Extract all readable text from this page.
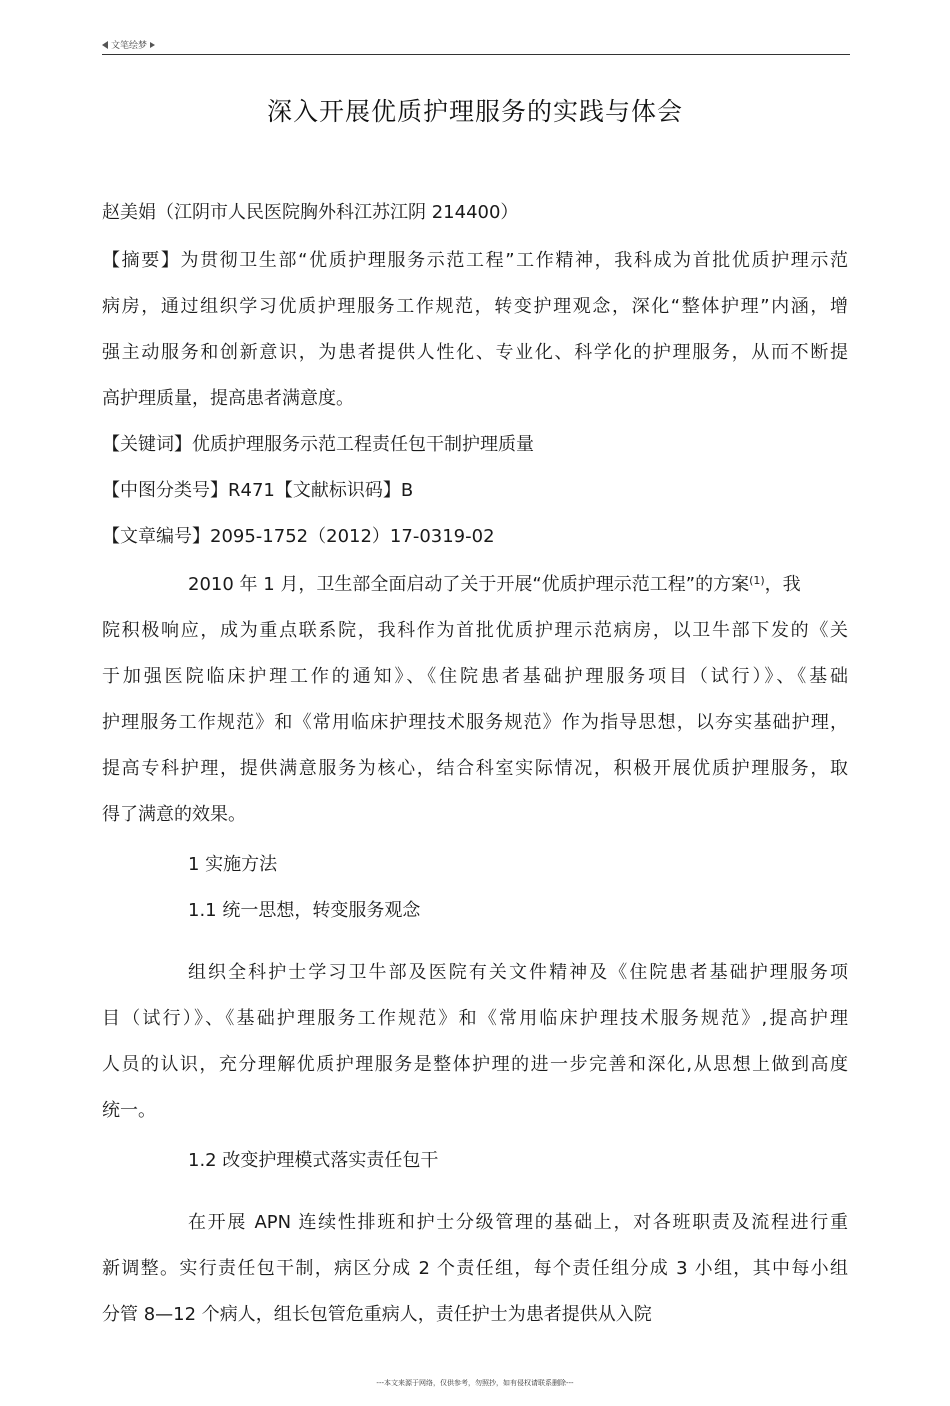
文笔绘梦
深入开展优质护理服务的实践与体会
赵美娟（江阴市人民医院胸外科江苏江阴 214400）
【摘要】为贯彻卫生部“优质护理服务示范工程”工作精神，我科成为首批优质护理示范
病房，通过组织学习优质护理服务工作规范，转变护理观念，深化“整体护理”内涵，增
强主动服务和创新意识，为患者提供人性化、专业化、科学化的护理服务，从而不断提
高护理质量，提高患者满意度。
【关键词】优质护理服务示范工程责任包干制护理质量
【中图分类号】R471【文献标识码】B
【文章编号】2095-1752（2012）17-0319-02
2010 年 1 月，卫生部全面启动了关于开展“优质护理示范工程”的方案$^{(1)}$，我
院积极响应，成为重点联系院，我科作为首批优质护理示范病房，以卫牛部下发的《关
于加强医院临床护理工作的通知》、《住院患者基础护理服务项目（试行）》、《基础
护理服务工作规范》和《常用临床护理技术服务规范》作为指导思想，以夯实基础护理，
提高专科护理，提供满意服务为核心，结合科室实际情况，积极开展优质护理服务，取
得了满意的效果。
1 实施方法
1.1 统一思想，转变服务观念
组织全科护士学习卫牛部及医院有关文件精神及《住院患者基础护理服务项
目（试行）》、《基础护理服务工作规范》和《常用临床护理技术服务规范》,提高护理
人员的认识，充分理解优质护理服务是整体护理的进一步完善和深化,从思想上做到高度
统一。
1.2 改变护理模式落实责任包干
在开展 APN 连续性排班和护士分级管理的基础上，对各班职责及流程进行重
新调整。实行责任包干制，病区分成 2 个责任组，每个责任组分成 3 小组，其中每小组
分管 8—12 个病人，组长包管危重病人，责任护士为患者提供从入院
---本文来源于网络，仅供参考，勿照抄，如有侵权请联系删除---
